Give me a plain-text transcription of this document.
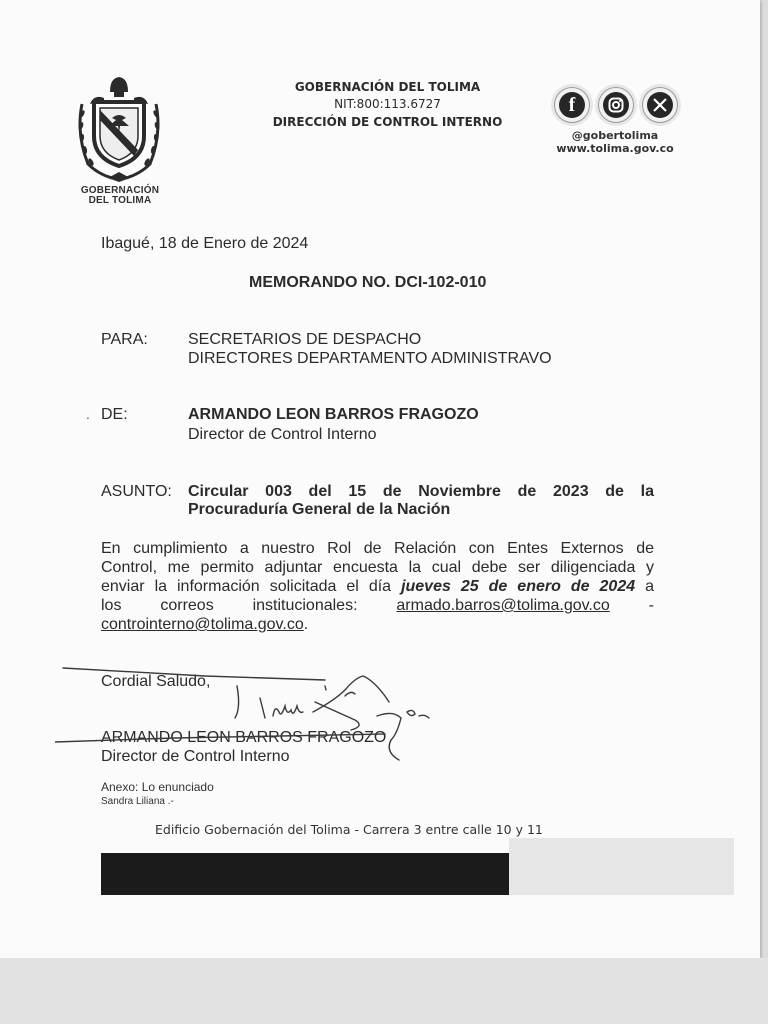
GOBERNACIÓN
DEL TOLIMA
GOBERNACIÓN DEL TOLIMA
NIT:800:113.6727
DIRECCIÓN DE CONTROL INTERNO
f
@gobertolima
www.tolima.gov.co
Ibagué, 18 de Enero de 2024
MEMORANDO NO. DCI-102-010
PARA:	SECRETARIOS DE DESPACHO
DIRECTORES DEPARTAMENTO ADMINISTRAVO
. DE:	ARMANDO LEON BARROS FRAGOZO
Director de Control Interno
ASUNTO: Circular 003 del 15 de Noviembre de 2023 de la
Procuraduría General de la Nación
En cumplimiento a nuestro Rol de Relación con Entes Externos de
Control, me permito adjuntar encuesta la cual debe ser diligenciada y
enviar la información solicitada el día jueves 25 de enero de 2024 a
los correos institucionales: armado.barros@tolima.gov.co -
controinterno@tolima.gov.co.
Cordial Saludo,
ARMANDO LEON BARROS FRAGOZO
Director de Control Interno
Anexo: Lo enunciado
Sandra Liliana .-
Edificio Gobernación del Tolima - Carrera 3 entre calle 10 y 11
